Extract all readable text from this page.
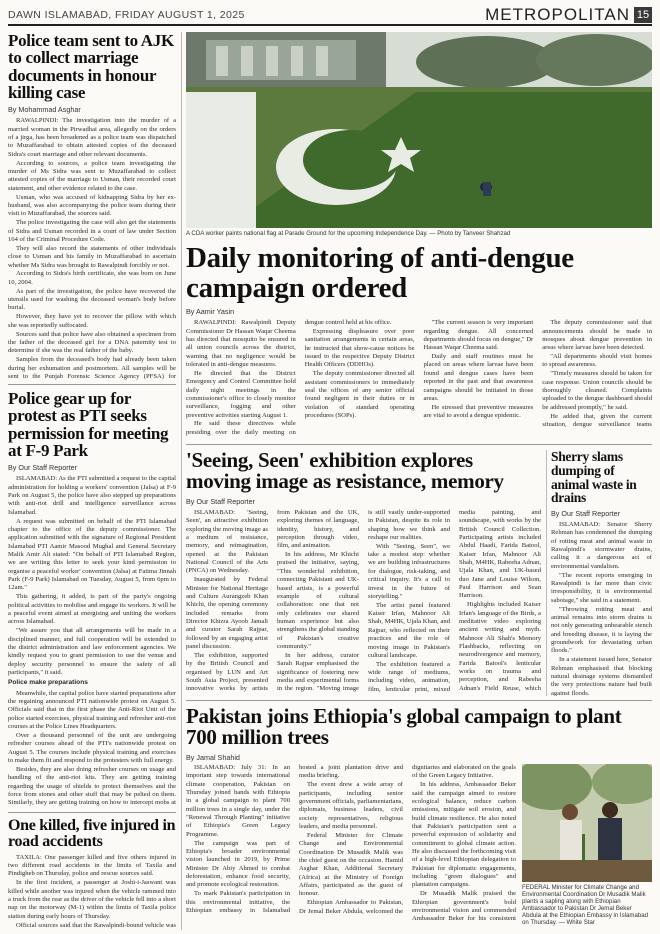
DAWN ISLAMABAD, FRIDAY AUGUST 1, 2025	METROPOLITAN 15
Police team sent to AJK to collect marriage documents in honour killing case
By Mohammad Asghar

RAWALPINDI: The investigation into the murder of a married woman in the Pirwadhai area, allegedly on the orders of a jirga, has been broadened as a police team was dispatched to Muzaffarabad to obtain attested copies of the deceased Sidra's court marriage and other relevant documents.

According to sources, a police team investigating the murder of Ms Sidra was sent to Muzaffarabad to collect attested copies of the marriage to Usman, their recorded court statement, and other evidence related to the case.

Usman, who was accused of kidnapping Sidra by her ex-husband, was also accompanying the police team during their visit to Muzaffarabad, the sources said.

The police investigating the case will also get the statements of Sidra and Usman recorded in a court of law under Section 164 of the Criminal Procedure Code.

They will also record the statements of other individuals close to Usman and his family in Muzaffarabad to ascertain whether Ms Sidra was brought to Rawalpindi forcibly or not.

According to Sidra's birth certificate, she was born on June 10, 2004.

As part of the investigation, the police have recovered the utensils used for washing the deceased woman's body before burial.

However, they have yet to recover the pillow with which she was reportedly suffocated.

Sources said that police have also obtained a specimen from the father of the deceased girl for a DNA paternity test to determine if she was the real father of the baby.

Samples from the deceased's body had already been taken during her exhumation and postmortem. All samples will be sent to the Punjab Forensic Science Agency (PFSA) for

Police gear up for protest as PTI seeks permission for meeting at F-9 Park
By Our Staff Reporter

ISLAMABAD: As the PTI submitted a request to the capital administration for holding a workers' convention (Jalsa) at F-9 Park on August 5, the police have also stepped up preparations with anti-riot drill and intelligence surveillance across Islamabad.

A request was submitted on behalf of the PTI Islamabad chapter to the office of the deputy commissioner. The application submitted with the signature of Regional President Islamabad PTI Aamir Masood Mughal and General Secretary Malik Amir Ali stated: "On behalf of PTI Islamabad Region, we are writing this letter to seek your kind permission to organise a peaceful worker' convention (Jalsa) at Fatima Jinnah Park (F-9 Park) Islamabad on Tuesday, August 5, from 6pm to 12am."

This gathering, it added, is part of the party's ongoing political activities to mobilise and engage its workers. It will be a peaceful event aimed at energising and uniting the workers across Islamabad.

"We assure you that all arrangements will be made in a disciplined manner, and full cooperation will be extended to the district administration and law enforcement agencies. We kindly request you to grant permission to use the venue and deploy security personnel to ensure the safety of all participants," it said.

Police make preparations

Meanwhile, the capital police have started preparations after the regaining announced PTI nationwide protest on August 5. Officials said that in the first phase the Anti-Riot Unit of the police started exercises, physical training and refresher anti-riot courses at the Police Lines Headquarters.

Over a thousand personnel of the unit are undergoing refresher courses ahead of the PTI's nationwide protest on August 5. The courses include physical training and exercises to make them fit and respond to the protesters with full energy.

Besides, they are also doing refresher courses on usage and handling of the anti-riot kits. They are getting training regarding the usage of shields to protect themselves and the force from stones and other stuff that may be pelted on them. Similarly, they are getting training on how to intercept mobs at

One killed, five injured in road accidents

TAXILA: One passenger killed and five others injured in two different road accidents in the limits of Taxila and Pindigheb on Thursday, police and rescue sources said.

In the first incident, a passenger at Joshi-i-Jaswant was killed while another was injured when the vehicle rammed into a truck from the rear as the driver of the vehicle fell into a short nap on the motorway (M-1) within the limits of Taxila police station during early hours of Thursday.

Official sources said that the Rawalpindi-bound vehicle was

A CDA worker paints national flag at Parade Ground for the upcoming Independence Day. — Photo by Tanveer Shahzad
Daily monitoring of anti-dengue campaign ordered
By Aamir Yasin

RAWALPINDI: Rawalpindi Deputy Commissioner Dr Hassan Waqar Cheema has directed that mosquito be ensured in all union councils across the district, warning that no negligence would be tolerated in anti-dengue measures.

He directed that the District Emergency and Control Committee hold daily night meetings in the commissioner's office to closely monitor surveillance, fogging and other preventive activities starting August 1.

He said these directives while presiding over the daily meeting on dengue control held at his office.

Expressing displeasure over poor sanitation arrangements in certain areas, he instructed that show-cause notices be issued to the respective Deputy District Health Officers (DDHOs).

The deputy commissioner directed all assistant commissioners to immediately seal the offices of any senior official found negligent in their duties or in violation of standard operating procedures (SOPs).

"The current season is very important regarding dengue. All concerned departments should focus on dengue," Dr Hassan Waqar Cheema said.

Daily and staff routines must be placed on areas where larvae have been found and dengue cases have been reported in the past and that awareness campaigns should be initiated in those areas.

He stressed that preventive measures are vital to avoid a dengue epidemic.

The deputy commissioner said that announcements should be made in mosques about dengue prevention in areas where larvae have been detected.

"All departments should visit homes to spread awareness.

"Timely measures should be taken for case response. Union councils should be thoroughly cleaned. Complaints uploaded to the dengue dashboard should be addressed promptly," he said.

He added that, given the current situation, dengue surveillance teams

'Seeing, Seen' exhibition explores moving image as resistance, memory
By Our Staff Reporter

ISLAMABAD: 'Seeing, Seen', an attractive exhibition exploring the moving image as a medium of resistance, memory, and reimagination, opened at the Pakistan National Council of the Arts (PNCA) on Wednesday.

Inaugurated by Federal Minister for National Heritage and Culture Aurangzeb Khan Khichi, the opening ceremony included remarks from Director Khizra Ayoob Jamali and curator Sarah Rajpar, followed by an engaging artist panel discussion.

The exhibition, supported by the British Council and organised by LUN and Art South Asia Project, presented innovative works by artists from Pakistan and the UK, exploring themes of language, identity, history, and perception through video, film, and animation.

In his address, Mr Khichi praised the initiative, saying, "This wonderful exhibition, connecting Pakistani and UK-based artists, is a powerful example of cultural collaboration: one that not only celebrates our shared human experience but also strengthens the global standing of Pakistan's creative community."

In her address, curator Sarah Rajpar emphasised the significance of fostering new media and experimental forms in the region. "Moving image is still vastly under-supported in Pakistan, despite its role in shaping how we think and reshape our realities.

With "Seeing, Seen", we take a modest step: whether we are building infrastructures for dialogue, risk-taking, and critical inquiry. It's a call to invest in the future of storytelling."

The artist panel featured Kaiser Irfan, Mahnoor Ali Shah, M4HK, Ujala Khan, and Rajpar, who reflected on their practices and the role of moving image in Pakistan's cultural landscape.

The exhibition featured a wide range of mediums, including video, animation, film, lenticular print, mixed media painting, and soundscape, with works by the British Council Collection. Participating artists included Abdul Haadi, Farida Batool, Kaiser Irfan, Mahnoor Ali Shah, M4HK, Rabeeha Adnan, Ujala Khan, and UK-based duo Jane and Louise Wilson, Paul Harrison and Sean Harrison.

Highlights included Kaiser Irfan's language of the Birds, a meditative video exploring ancient writing and myth. Mahnoor Ali Shah's Memory Flashbacks, reflecting on neurodivergence and memory, Farida Batool's lenticular works on trauma and perception, and Rabeeha Adnan's Field Reuse, which

Sherry slams dumping of animal waste in drains
By Our Staff Reporter

ISLAMABAD: Senator Sherry Rehman has condemned the dumping of rotting meat and animal waste in Rawalpindi's stormwater drains, calling it a dangerous act of environmental vandalism.

"The recent reports emerging in Rawalpindi is far more than civic irresponsibility, it is environmental sabotage," she said in a statement.

"Throwing rotting meat and animal remains into storm drains is not only generating unbearable stench and breeding disease, it is laying the groundwork for devastating urban floods."

In a statement issued here, Senator Rehman emphasised that blocking natural drainage systems dismantled the very protections nature had built against floods.

Pakistan joins Ethiopia's global campaign to plant 700 million trees
By Jamal Shahid

ISLAMABAD: July 31: In an important step towards international climate cooperation, Pakistan on Thursday joined hands with Ethiopia in a global campaign to plant 700 million trees in a single day, under the "Renewal Through Planting" initiative of Ethiopia's Green Legacy Programme.

The campaign was part of Ethiopia's broader environmental vision launched in 2019, by Prime Minister Dr Abiy Ahmed to combat deforestation, enhance food security, and promote ecological restoration.

To mark Pakistan's participation in this environmental initiative, the Ethiopian embassy in Islamabad hosted a joint plantation drive and media briefing.

The event drew a wide array of participants, including senior government officials, parliamentarians, diplomats, business leaders, civil society representatives, religious leaders, and media personnel.

Federal Minister for Climate Change and Environmental Coordination Dr Musadik Malik was the chief guest on the occasion. Hamid Asghar Khan, Additional Secretary (Africa) at the Ministry of Foreign Affairs, participated as the guest of honour.

Ethiopian Ambassador to Pakistan, Dr Jemal Beker Abdula, welcomed the dignitaries and elaborated on the goals of the Green Legacy Initiative.

In his address, Ambassador Beker said the campaign aimed to restore ecological balance, reduce carbon emissions, mitigate soil erosion, and build climate resilience. He also noted that Pakistan's participation sent a powerful expression of solidarity and commitment to global climate action. He also discussed the forthcoming visit of a high-level Ethiopian delegation to Pakistan for diplomatic engagements, including "green dialogues" and plantation campaigns.

Dr Musadik Malik praised the Ethiopian government's bold environmental vision and commended Ambassador Beker for his consistent

FEDERAL Minister for Climate Change and Environmental Coordination Dr Musadik Malik plants a sapling along with Ethiopian Ambassador to Pakistan Dr Jemal Beker Abdula at the Ethiopian Embassy in Islamabad on Thursday. — White Star
